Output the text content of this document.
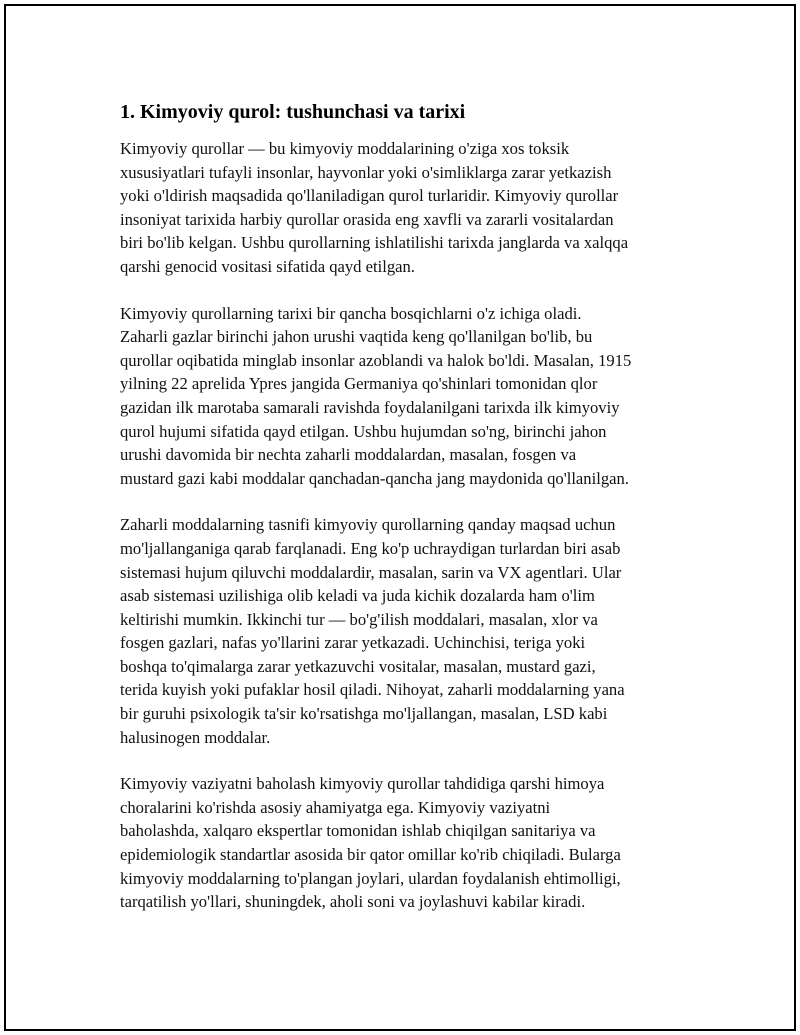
1. Kimyoviy qurol: tushunchasi va tarixi

Kimyoviy qurollar — bu kimyoviy moddalarining o'ziga xos toksik
xususiyatlari tufayli insonlar, hayvonlar yoki o'simliklarga zarar yetkazish
yoki o'ldirish maqsadida qo'llaniladigan qurol turlaridir. Kimyoviy qurollar
insoniyat tarixida harbiy qurollar orasida eng xavfli va zararli vositalardan
biri bo'lib kelgan. Ushbu qurollarning ishlatilishi tarixda janglarda va xalqqa
qarshi genocid vositasi sifatida qayd etilgan.

Kimyoviy qurollarning tarixi bir qancha bosqichlarni o'z ichiga oladi.
Zaharli gazlar birinchi jahon urushi vaqtida keng qo'llanilgan bo'lib, bu
qurollar oqibatida minglab insonlar azoblandi va halok bo'ldi. Masalan, 1915
yilning 22 aprelida Ypres jangida Germaniya qo'shinlari tomonidan qlor
gazidan ilk marotaba samarali ravishda foydalanilgani tarixda ilk kimyoviy
qurol hujumi sifatida qayd etilgan. Ushbu hujumdan so'ng, birinchi jahon
urushi davomida bir nechta zaharli moddalardan, masalan, fosgen va
mustard gazi kabi moddalar qanchadan-qancha jang maydonida qo'llanilgan.

Zaharli moddalarning tasnifi kimyoviy qurollarning qanday maqsad uchun
mo'ljallanganiga qarab farqlanadi. Eng ko'p uchraydigan turlardan biri asab
sistemasi hujum qiluvchi moddalardir, masalan, sarin va VX agentlari. Ular
asab sistemasi uzilishiga olib keladi va juda kichik dozalarda ham o'lim
keltirishi mumkin. Ikkinchi tur — bo'g'ilish moddalari, masalan, xlor va
fosgen gazlari, nafas yo'llarini zarar yetkazadi. Uchinchisi, teriga yoki
boshqa to'qimalarga zarar yetkazuvchi vositalar, masalan, mustard gazi,
terida kuyish yoki pufaklar hosil qiladi. Nihoyat, zaharli moddalarning yana
bir guruhi psixologik ta'sir ko'rsatishga mo'ljallangan, masalan, LSD kabi
halusinogen moddalar.

Kimyoviy vaziyatni baholash kimyoviy qurollar tahdidiga qarshi himoya
choralarini ko'rishda asosiy ahamiyatga ega. Kimyoviy vaziyatni
baholashda, xalqaro ekspertlar tomonidan ishlab chiqilgan sanitariya va
epidemiologik standartlar asosida bir qator omillar ko'rib chiqiladi. Bularga
kimyoviy moddalarning to'plangan joylari, ulardan foydalanish ehtimolligi,
tarqatilish yo'llari, shuningdek, aholi soni va joylashuvi kabilar kiradi.
